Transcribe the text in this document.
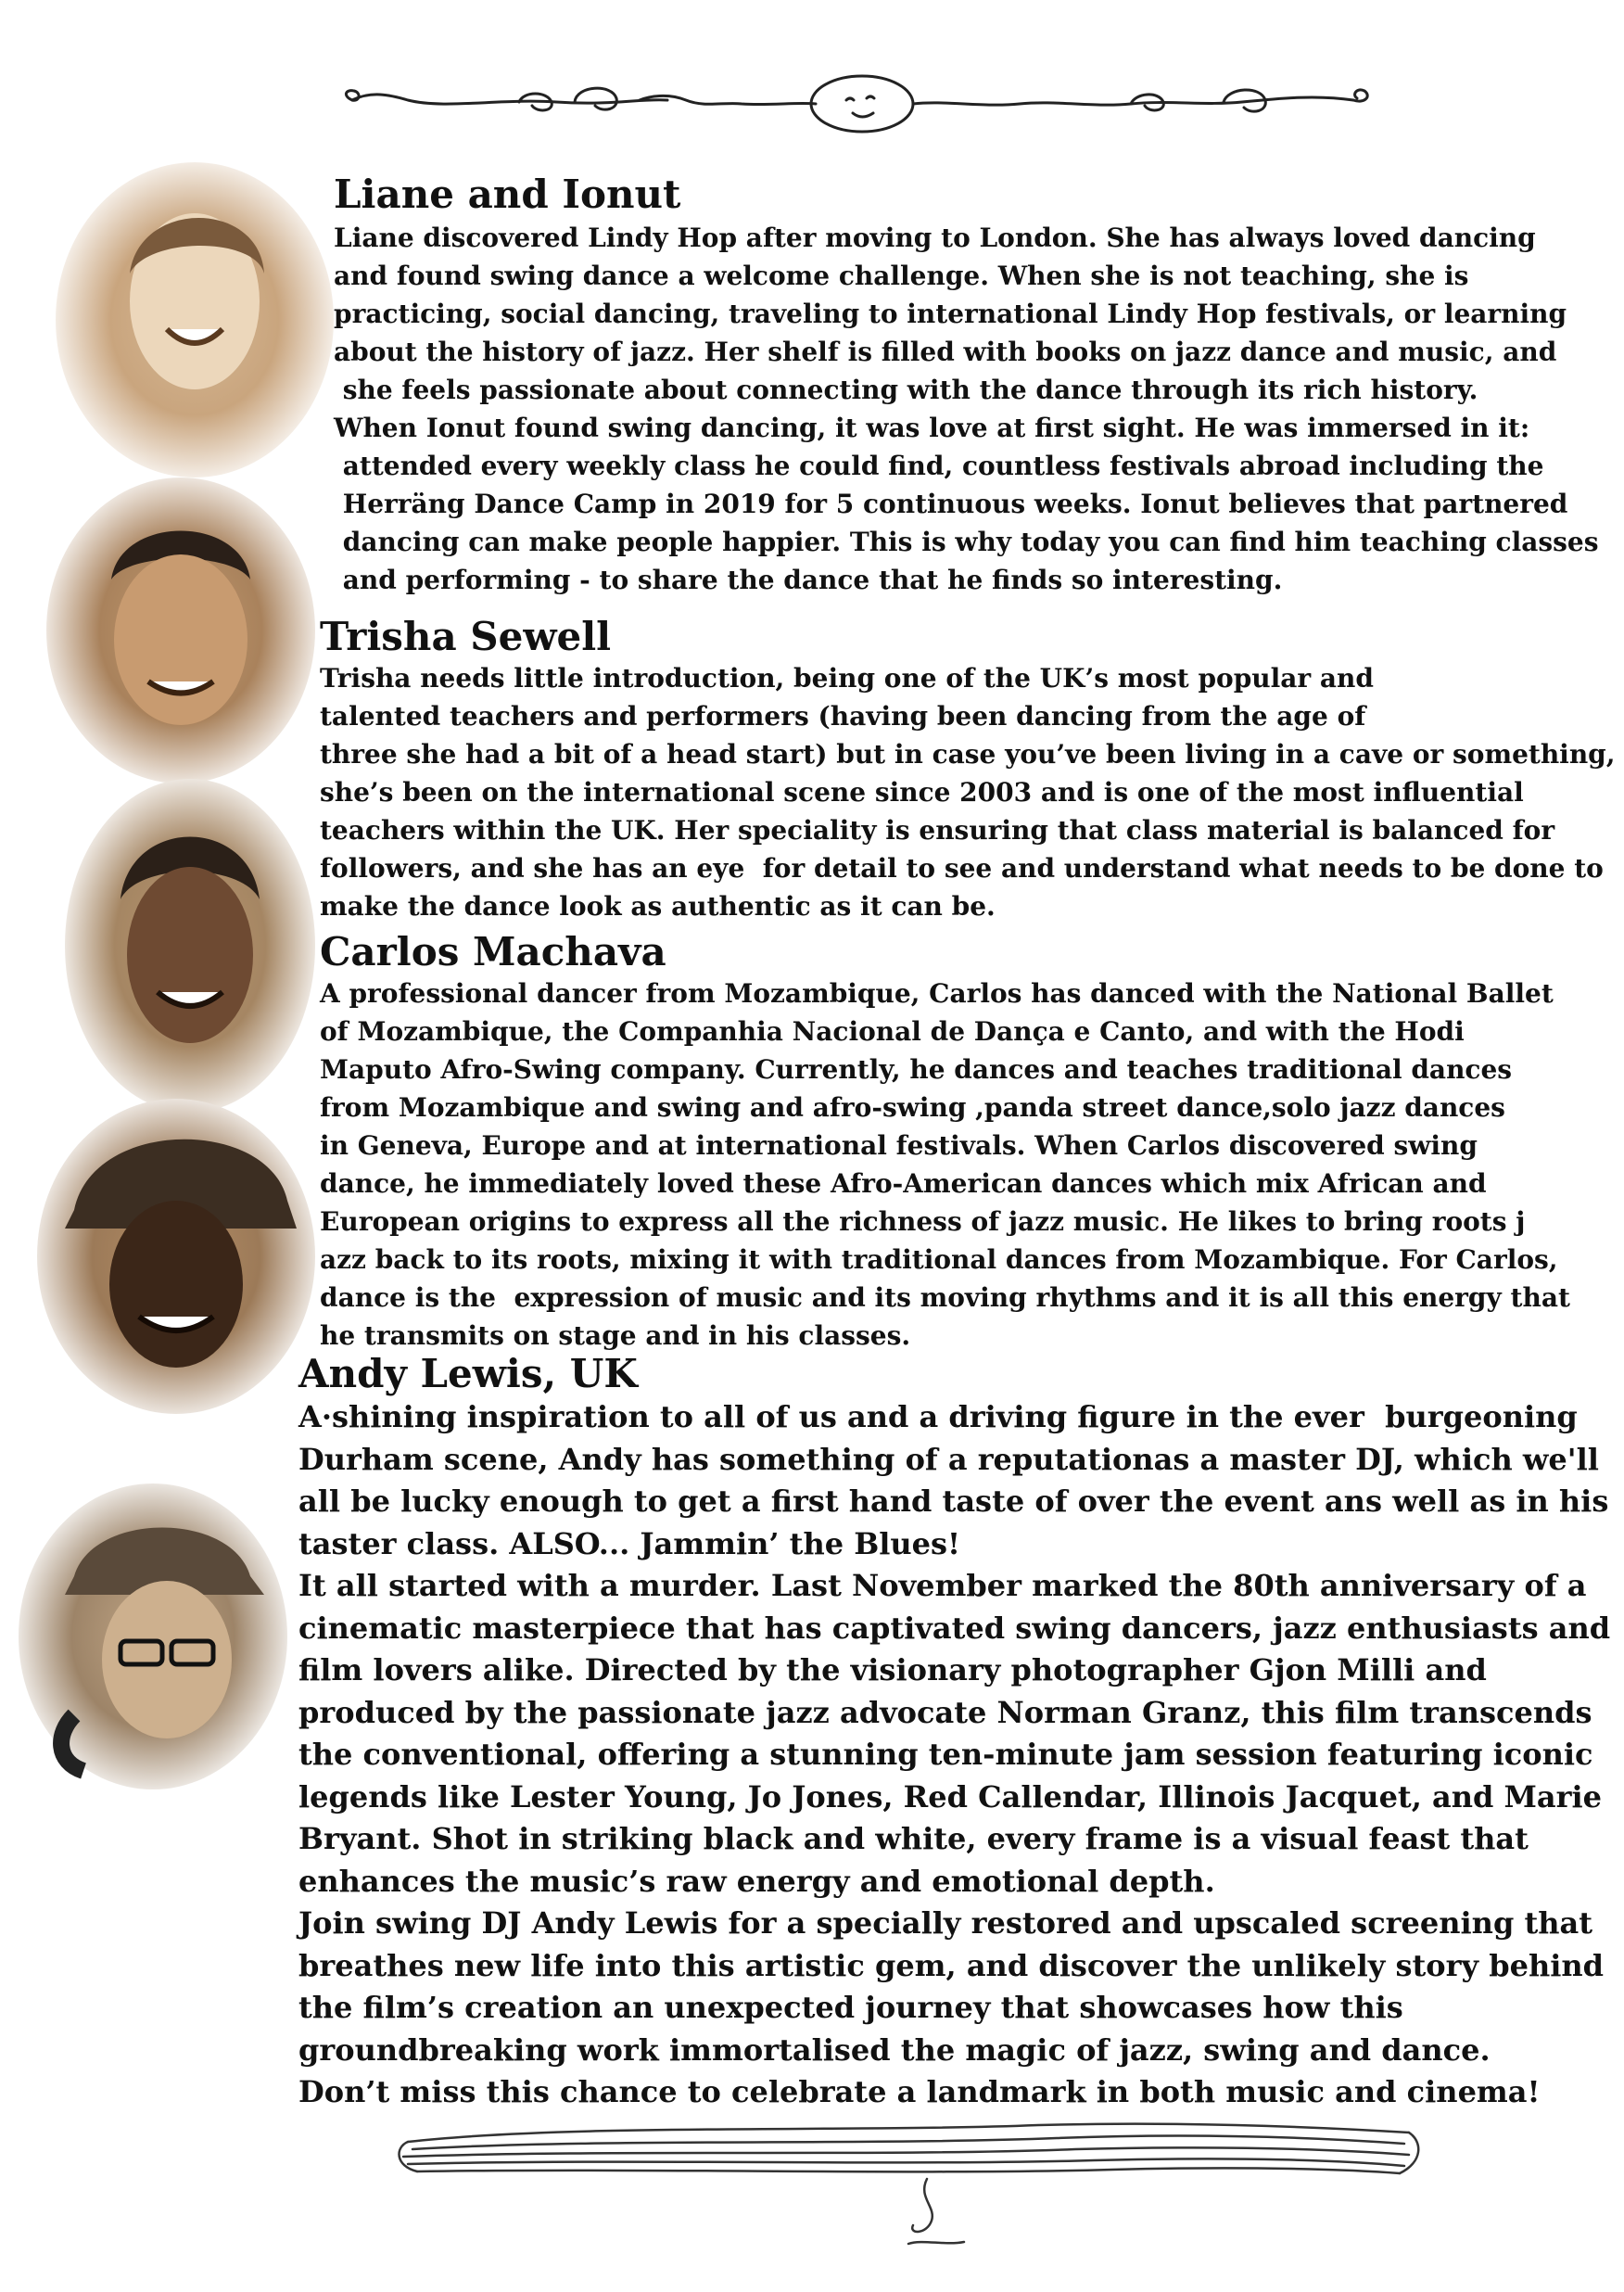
Liane and Ionut
Liane discovered Lindy Hop after moving to London. She has always loved dancing
and found swing dance a welcome challenge. When she is not teaching, she is
practicing, social dancing, traveling to international Lindy Hop festivals, or learning
about the history of jazz. Her shelf is filled with books on jazz dance and music, and
she feels passionate about connecting with the dance through its rich history.
When Ionut found swing dancing, it was love at first sight. He was immersed in it:
attended every weekly class he could find, countless festivals abroad including the
Herräng Dance Camp in 2019 for 5 continuous weeks. Ionut believes that partnered
dancing can make people happier. This is why today you can find him teaching classes
and performing - to share the dance that he finds so interesting.
Trisha Sewell
Trisha needs little introduction, being one of the UK’s most popular and
talented teachers and performers (having been dancing from the age of
three she had a bit of a head start) but in case you’ve been living in a cave or something,
she’s been on the international scene since 2003 and is one of the most influential
teachers within the UK. Her speciality is ensuring that class material is balanced for
followers, and she has an eye  for detail to see and understand what needs to be done to
make the dance look as authentic as it can be.
Carlos Machava
A professional dancer from Mozambique, Carlos has danced with the National Ballet
of Mozambique, the Companhia Nacional de Dança e Canto, and with the Hodi
Maputo Afro-Swing company. Currently, he dances and teaches traditional dances
from Mozambique and swing and afro-swing ,panda street dance,solo jazz dances
in Geneva, Europe and at international festivals. When Carlos discovered swing
dance, he immediately loved these Afro-American dances which mix African and
European origins to express all the richness of jazz music. He likes to bring roots j
azz back to its roots, mixing it with traditional dances from Mozambique. For Carlos,
dance is the  expression of music and its moving rhythms and it is all this energy that
he transmits on stage and in his classes.
Andy Lewis, UK
A·shining inspiration to all of us and a driving figure in the ever  burgeoning
Durham scene, Andy has something of a reputationas a master DJ, which we'll
all be lucky enough to get a first hand taste of over the event ans well as in his
taster class. ALSO... Jammin’ the Blues!
It all started with a murder. Last November marked the 80th anniversary of a
cinematic masterpiece that has captivated swing dancers, jazz enthusiasts and
film lovers alike. Directed by the visionary photographer Gjon Milli and
produced by the passionate jazz advocate Norman Granz, this film transcends
the conventional, offering a stunning ten-minute jam session featuring iconic
legends like Lester Young, Jo Jones, Red Callendar, Illinois Jacquet, and Marie
Bryant. Shot in striking black and white, every frame is a visual feast that
enhances the music’s raw energy and emotional depth.
Join swing DJ Andy Lewis for a specially restored and upscaled screening that
breathes new life into this artistic gem, and discover the unlikely story behind
the film’s creation an unexpected journey that showcases how this
groundbreaking work immortalised the magic of jazz, swing and dance.
Don’t miss this chance to celebrate a landmark in both music and cinema!
